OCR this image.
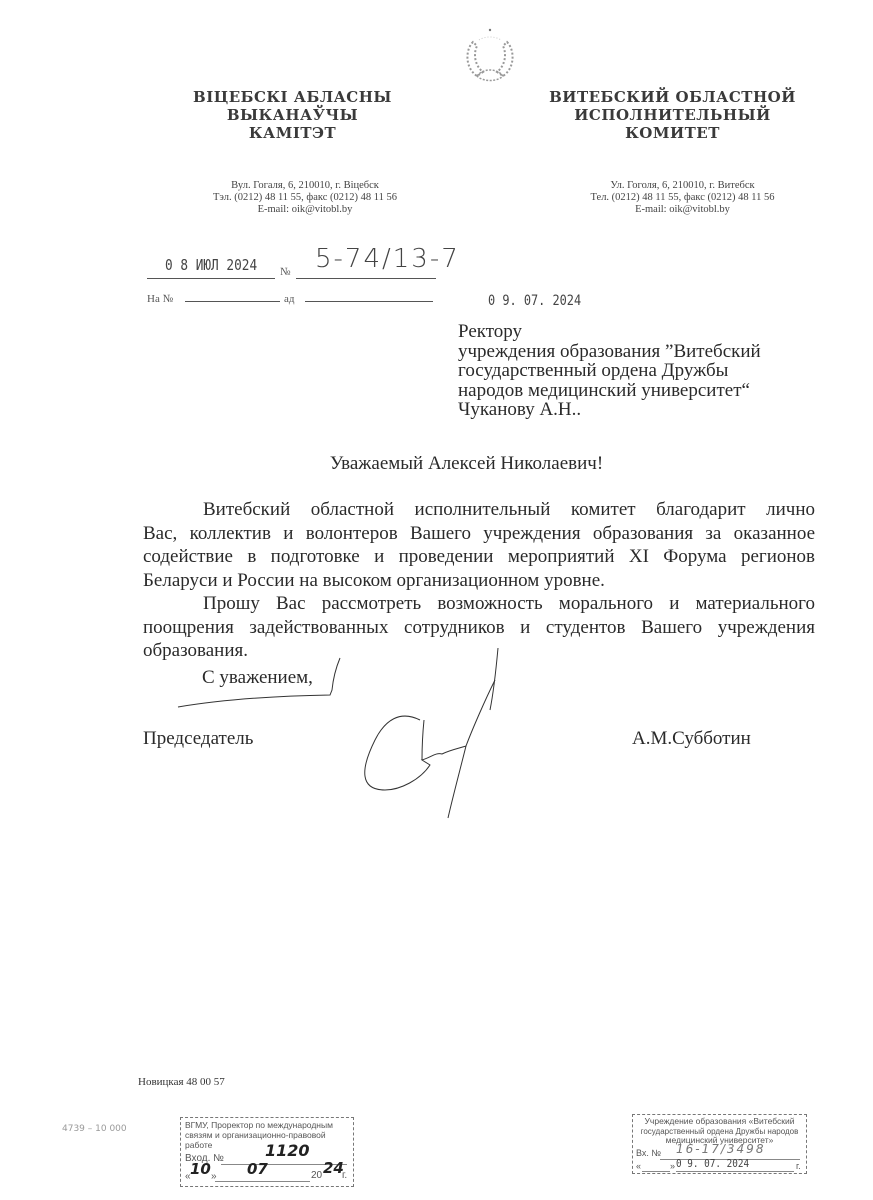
ВІЦЕБСКІ АБЛАСНЫ
ВЫКАНАЎЧЫ
КАМІТЭТ
Вул. Гогаля, 6, 210010, г. Віцебск
Тэл. (0212) 48 11 55, факс (0212) 48 11 56
E-mail: oik@vitobl.by
ВИТЕБСКИЙ ОБЛАСТНОЙ
ИСПОЛНИТЕЛЬНЫЙ
КОМИТЕТ
Ул. Гоголя, 6, 210010, г. Витебск
Тел. (0212) 48 11 55, факс (0212) 48 11 56
E-mail: oik@vitobl.by
0 8 ИЮЛ 2024 № 5-74/13-7
На №	ад	0 9. 07. 2024
Ректору
учреждения образования ”Витебский
государственный ордена Дружбы
народов медицинский университет“
Чуканову А.Н..
Уважаемый Алексей Николаевич!
Витебский областной исполнительный комитет благодарит лично
Вас, коллектив и волонтеров Вашего учреждения образования за оказанное
содействие в подготовке и проведении мероприятий XI Форума регионов
Беларуси и России на высоком организационном уровне.
Прошу Вас рассмотреть возможность морального и материального
поощрения задействованных сотрудников и студентов Вашего учреждения
образования.
С уважением,
Председатель	А.М.Субботин
Новицкая 48 00 57
4739 – 10 000	ВГМУ, Проректор по международным
связям и организационно-правовой
работе
Вход. №	1120
« 10 » 07	20 24
г.
Учреждение образования «Витебский
государственный ордена Дружбы народов
медицинский университет»
Вх. № 16-17/3498
«	» 0 9. 07. 2024	г.
